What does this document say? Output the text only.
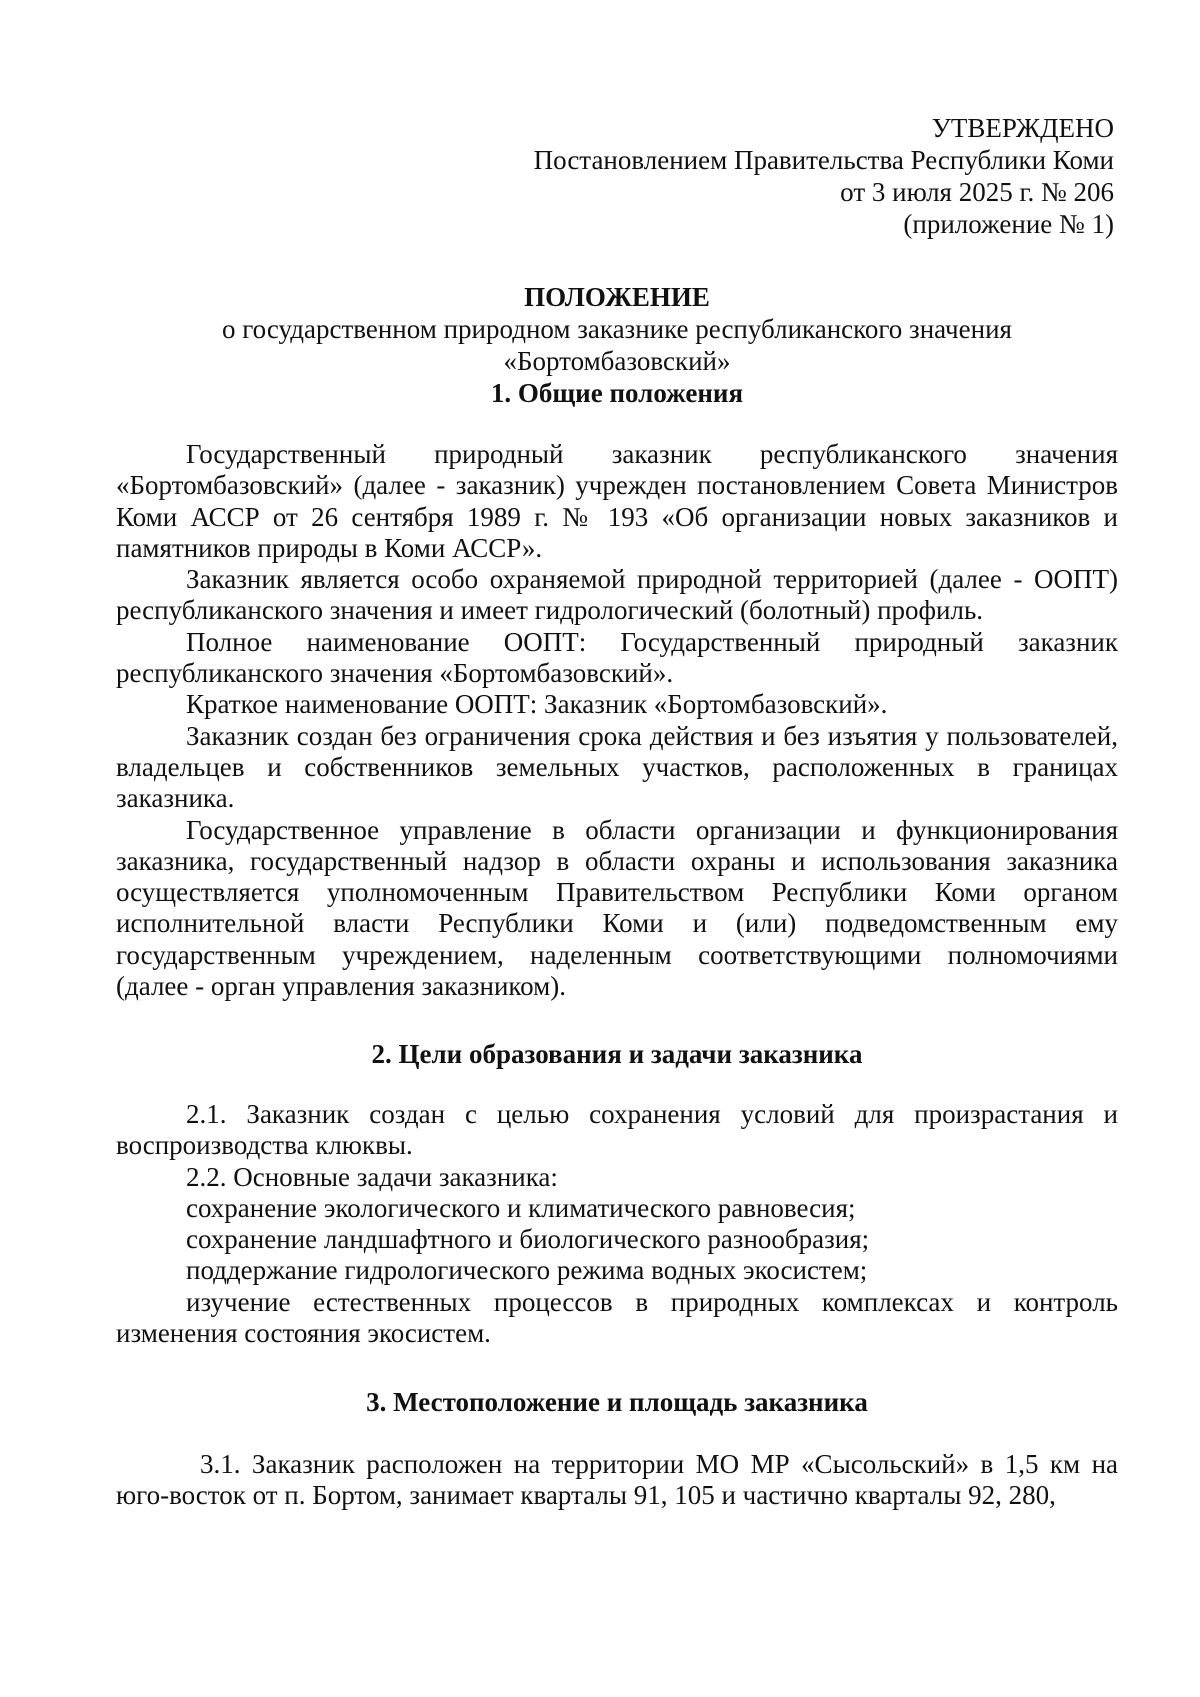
УТВЕРЖДЕНО
Постановлением Правительства Республики Коми
от 3 июля 2025 г. № 206
(приложение № 1)
ПОЛОЖЕНИЕ
о государственном природном заказнике республиканского значения
«Бортомбазовский»
1. Общие положения

Государственный природный заказник республиканского значения «Бортомбазовский» (далее - заказник) учрежден постановлением Совета Министров Коми АССР от 26 сентября 1989 г. № 193 «Об организации новых заказников и памятников природы в Коми АССР».

Заказник является особо охраняемой природной территорией (далее - ООПТ) республиканского значения и имеет гидрологический (болотный) профиль.

Полное наименование ООПТ: Государственный природный заказник республиканского значения «Бортомбазовский».

Краткое наименование ООПТ: Заказник «Бортомбазовский».

Заказник создан без ограничения срока действия и без изъятия у пользователей, владельцев и собственников земельных участков, расположенных в границах заказника.

Государственное управление в области организации и функционирования заказника, государственный надзор в области охраны и использования заказника осуществляется уполномоченным Правительством Республики Коми органом исполнительной власти Республики Коми и (или) подведомственным ему государственным учреждением, наделенным соответствующими полномочиями (далее - орган управления заказником).

2. Цели образования и задачи заказника

2.1. Заказник создан с целью сохранения условий для произрастания и воспроизводства клюквы.

2.2. Основные задачи заказника:

сохранение экологического и климатического равновесия;

сохранение ландшафтного и биологического разнообразия;

поддержание гидрологического режима водных экосистем;

изучение естественных процессов в природных комплексах и контроль изменения состояния экосистем.

3. Местоположение и площадь заказника

3.1. Заказник расположен на территории МО МР «Сысольский» в 1,5 км на юго-восток от п. Бортом, занимает кварталы 91, 105 и частично кварталы 92, 280,
